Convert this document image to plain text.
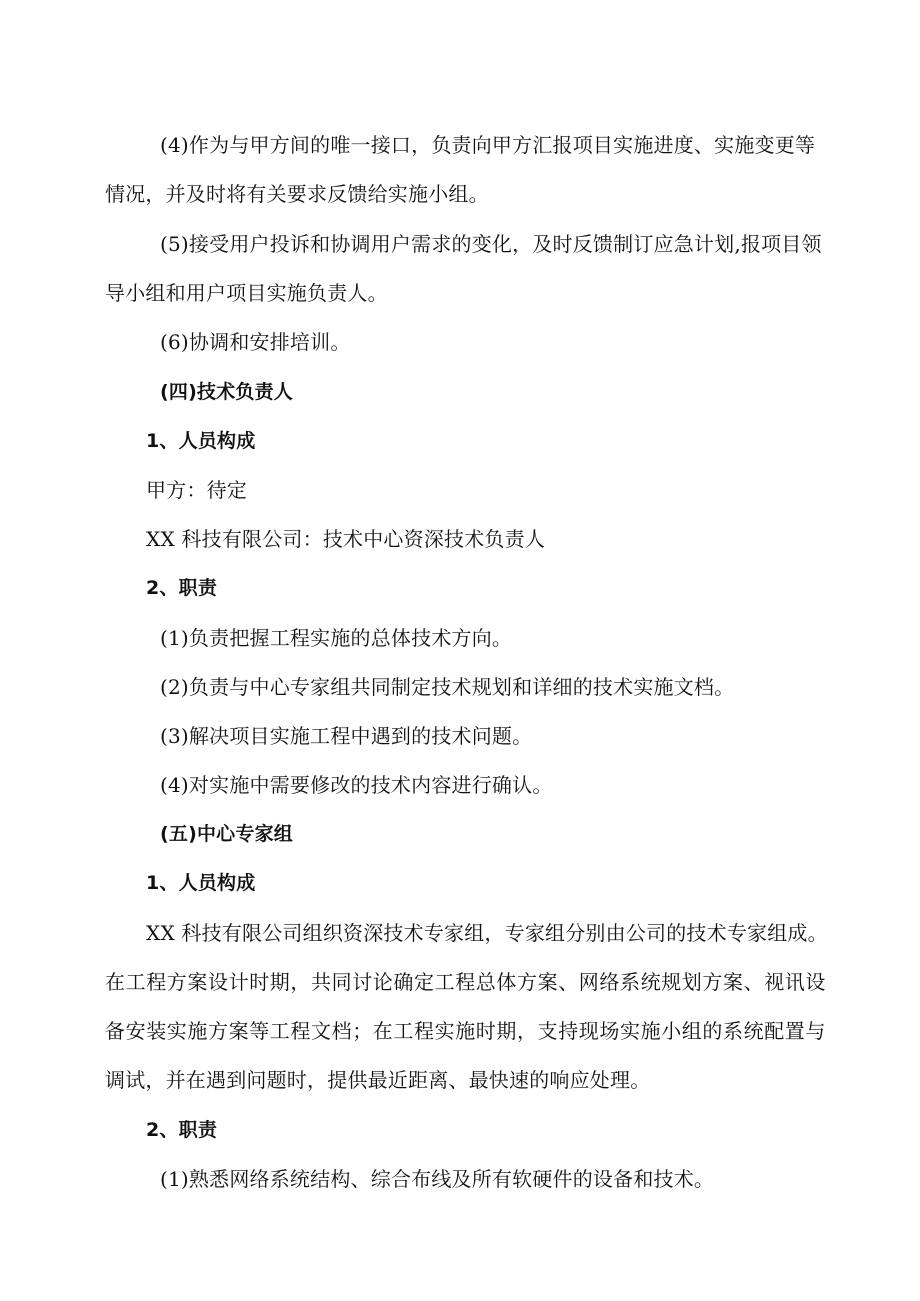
(4)作为与甲方间的唯一接口，负责向甲方汇报项目实施进度、实施变更等
情况，并及时将有关要求反馈给实施小组。
(5)接受用户投诉和协调用户需求的变化，及时反馈制订应急计划,报项目领
导小组和用户项目实施负责人。
(6)协调和安排培训。
(四)技术负责人
1、人员构成
甲方：待定
XX 科技有限公司：技术中心资深技术负责人
2、职责
(1)负责把握工程实施的总体技术方向。
(2)负责与中心专家组共同制定技术规划和详细的技术实施文档。
(3)解决项目实施工程中遇到的技术问题。
(4)对实施中需要修改的技术内容进行确认。
(五)中心专家组
1、人员构成
XX 科技有限公司组织资深技术专家组，专家组分别由公司的技术专家组成。
在工程方案设计时期，共同讨论确定工程总体方案、网络系统规划方案、视讯设
备安装实施方案等工程文档；在工程实施时期，支持现场实施小组的系统配置与
调试，并在遇到问题时，提供最近距离、最快速的响应处理。
2、职责
(1)熟悉网络系统结构、综合布线及所有软硬件的设备和技术。
